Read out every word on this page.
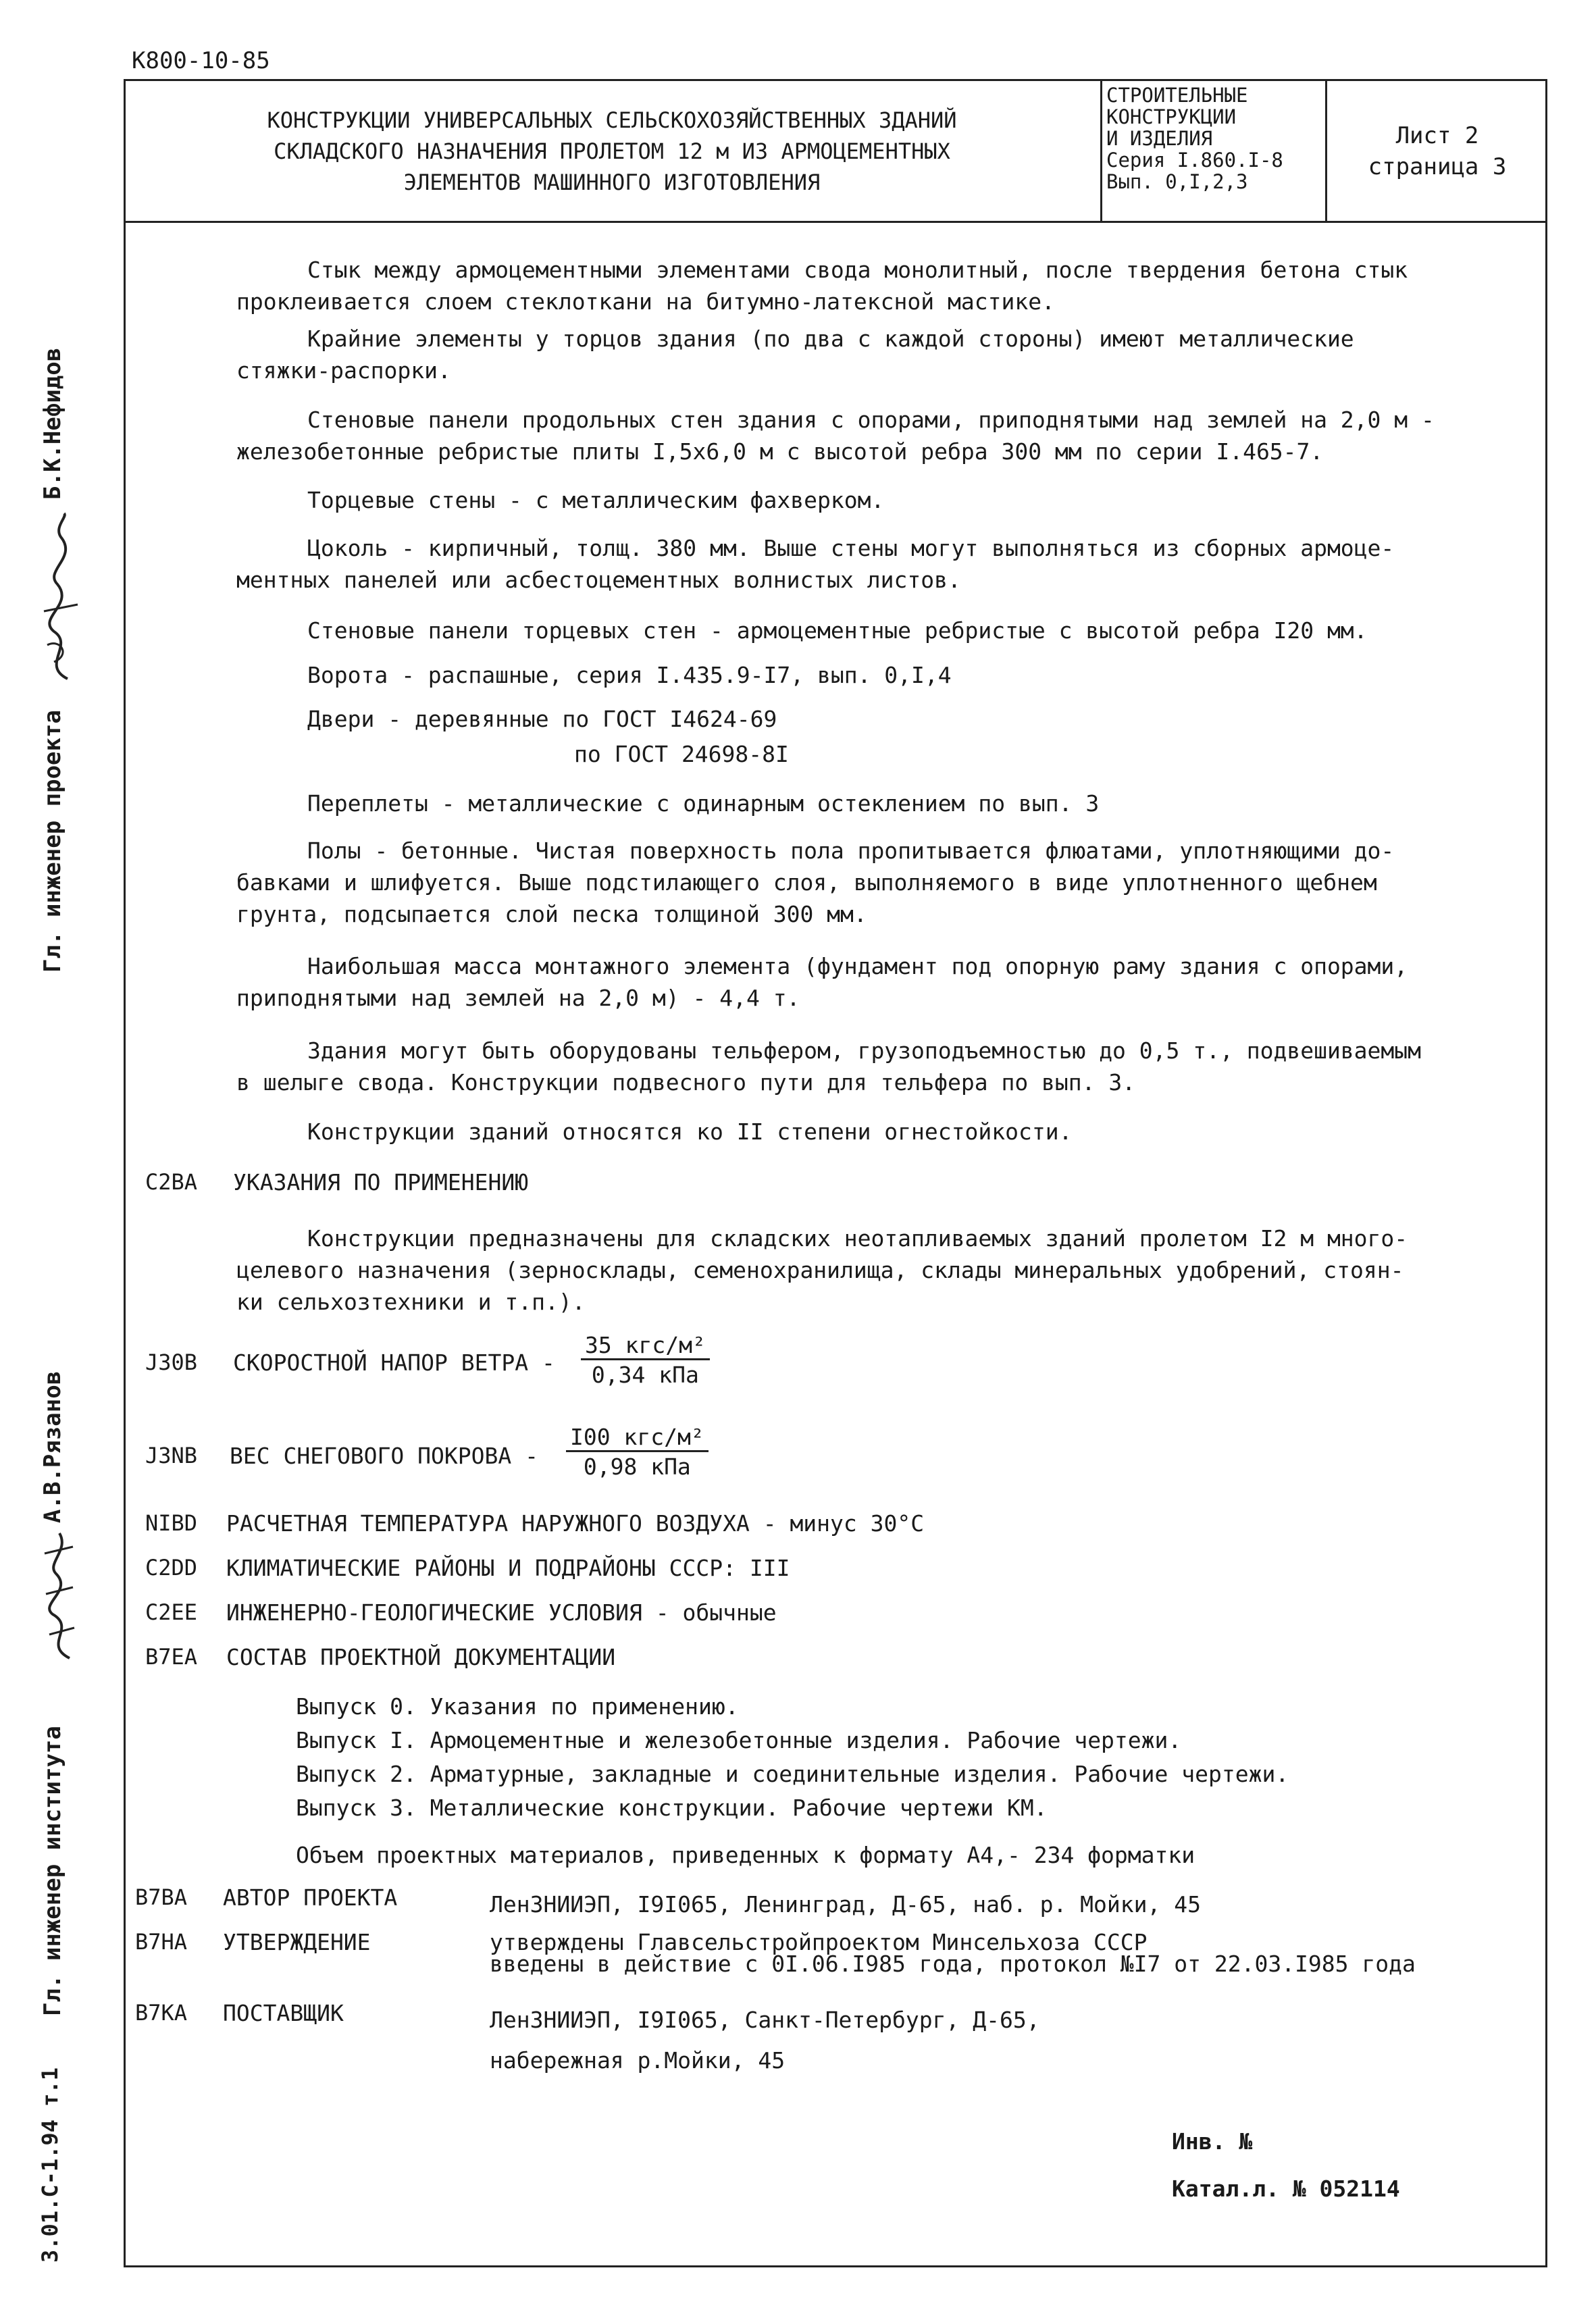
К800-10-85
КОНСТРУКЦИИ УНИВЕРСАЛЬНЫХ СЕЛЬСКОХОЗЯЙСТВЕННЫХ ЗДАНИЙ
СКЛАДСКОГО НАЗНАЧЕНИЯ ПРОЛЕТОМ 12 м ИЗ АРМОЦЕМЕНТНЫХ
ЭЛЕМЕНТОВ МАШИННОГО ИЗГОТОВЛЕНИЯ
СТРОИТЕЛЬНЫЕ
КОНСТРУКЦИИ
И ИЗДЕЛИЯ
Серия I.860.I-8
Вып. 0,I,2,3
Лист 2
страница 3
Стык между армоцементными элементами свода монолитный, после твердения бетона стык
проклеивается слоем стеклоткани на битумно-латексной мастике.
Крайние элементы у торцов здания (по два с каждой стороны) имеют металлические
стяжки-распорки.
Стеновые панели продольных стен здания с опорами, приподнятыми над землей на 2,0 м -
железобетонные ребристые плиты I,5х6,0 м с высотой ребра 300 мм по серии I.465-7.
Торцевые стены - с металлическим фахверком.
Цоколь - кирпичный, толщ. 380 мм. Выше стены могут выполняться из сборных армоце-
ментных панелей или асбестоцементных волнистых листов.
Стеновые панели торцевых стен - армоцементные ребристые с высотой ребра I20 мм.
Ворота - распашные, серия I.435.9-I7, вып. 0,I,4
Двери - деревянные по ГОСТ I4624-69
по ГОСТ 24698-8I
Переплеты - металлические с одинарным остеклением по вып. 3
Полы - бетонные. Чистая поверхность пола пропитывается флюатами, уплотняющими до-
бавками и шлифуется. Выше подстилающего слоя, выполняемого в виде уплотненного щебнем
грунта, подсыпается слой песка толщиной 300 мм.
Наибольшая масса монтажного элемента (фундамент под опорную раму здания с опорами,
приподнятыми над землей на 2,0 м) - 4,4 т.
Здания могут быть оборудованы тельфером, грузоподъемностью до 0,5 т., подвешиваемым
в шелыге свода. Конструкции подвесного пути для тельфера по вып. 3.
Конструкции зданий относятся ко II степени огнестойкости.
C2BA УКАЗАНИЯ ПО ПРИМЕНЕНИЮ
Конструкции предназначены для складских неотапливаемых зданий пролетом I2 м много-
целевого назначения (зерносклады, семенохранилища, склады минеральных удобрений, стоян-
ки сельхозтехники и т.п.).
J30B СКОРОСТНОЙ НАПОР ВЕТРА -
35 кгс/м²
0,34 кПа
J3NB ВЕС СНЕГОВОГО ПОКРОВА -
I00 кгс/м²
0,98 кПа
NIBD РАСЧЕТНАЯ ТЕМПЕРАТУРА НАРУЖНОГО ВОЗДУХА - минус 30°С
C2DD КЛИМАТИЧЕСКИЕ РАЙОНЫ И ПОДРАЙОНЫ СССР: III
C2EE ИНЖЕНЕРНО-ГЕОЛОГИЧЕСКИЕ УСЛОВИЯ - обычные
B7EA СОСТАВ ПРОЕКТНОЙ ДОКУМЕНТАЦИИ
Выпуск 0. Указания по применению.
Выпуск I. Армоцементные и железобетонные изделия. Рабочие чертежи.
Выпуск 2. Арматурные, закладные и соединительные изделия. Рабочие чертежи.
Выпуск 3. Металлические конструкции. Рабочие чертежи КМ.
Объем проектных материалов, приведенных к формату А4,- 234 форматки
B7BA АВТОР ПРОЕКТА	ЛенЗНИИЭП, I9I065, Ленинград, Д-65, наб. р. Мойки, 45
B7HA УТВЕРЖДЕНИЕ	утверждены Главсельстройпроектом Минсельхоза СССР
введены в действие с 0I.06.I985 года, протокол №I7 от 22.03.I985 года
B7KA ПОСТАВЩИК	ЛенЗНИИЭП, I9I065, Санкт-Петербург, Д-65,
набережная р.Мойки, 45
Инв. №
Катал.л. № 052114
Гл. инженер проекта
Б.К.Нефидов
Гл. инженер института
А.В.Рязанов
3.01.С-1.94 т.1
